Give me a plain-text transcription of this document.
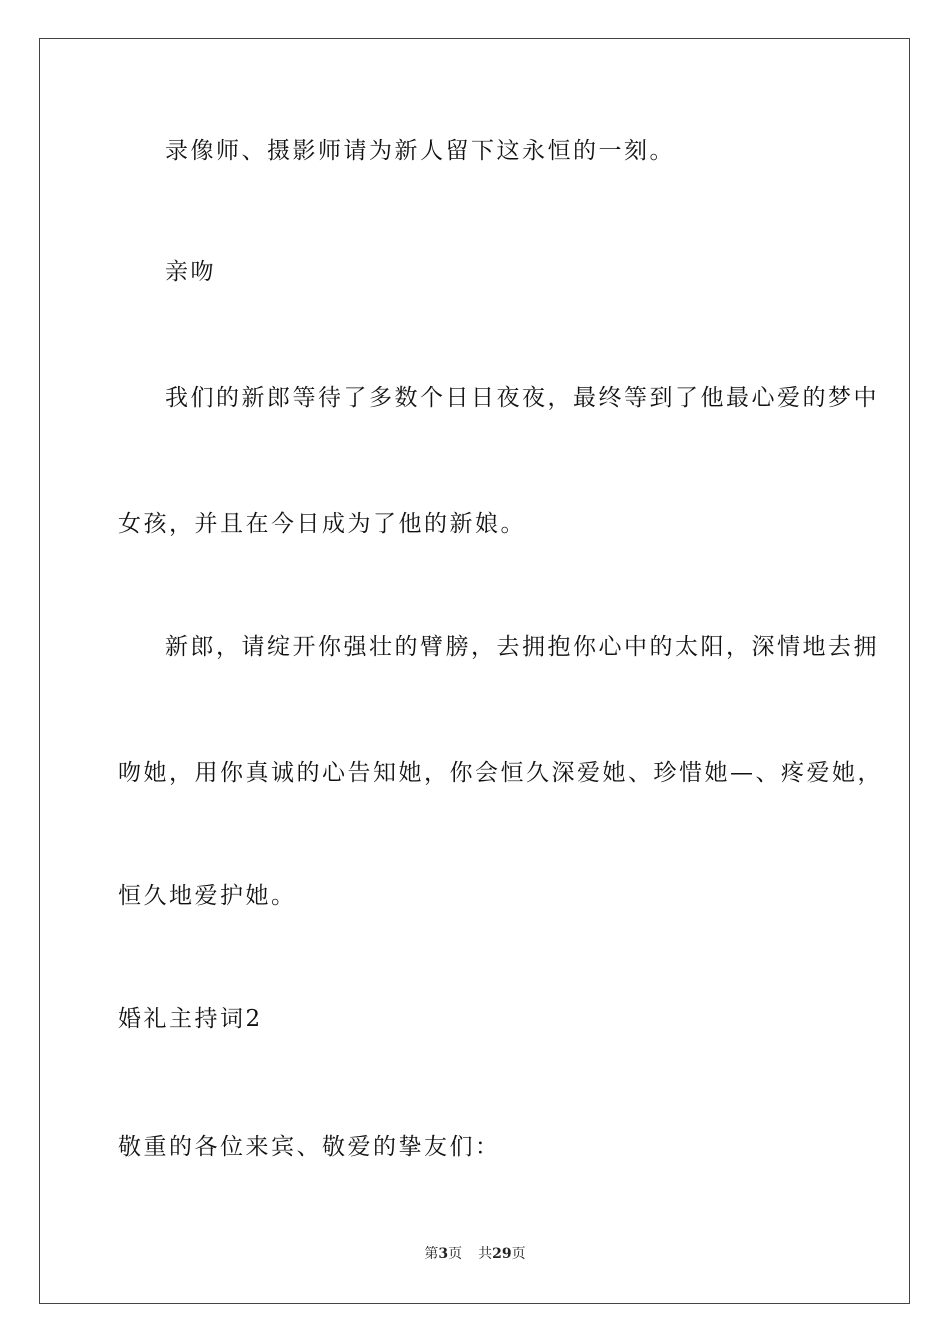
录像师、摄影师请为新人留下这永恒的一刻。
亲吻
我们的新郎等待了多数个日日夜夜，最终等到了他最心爱的梦中
女孩，并且在今日成为了他的新娘。
新郎，请绽开你强壮的臂膀，去拥抱你心中的太阳，深情地去拥
吻她，用你真诚的心告知她，你会恒久深爱她、珍惜她—、疼爱她，
恒久地爱护她。
婚礼主持词2
敬重的各位来宾、敬爱的挚友们：
第3页 共29页
